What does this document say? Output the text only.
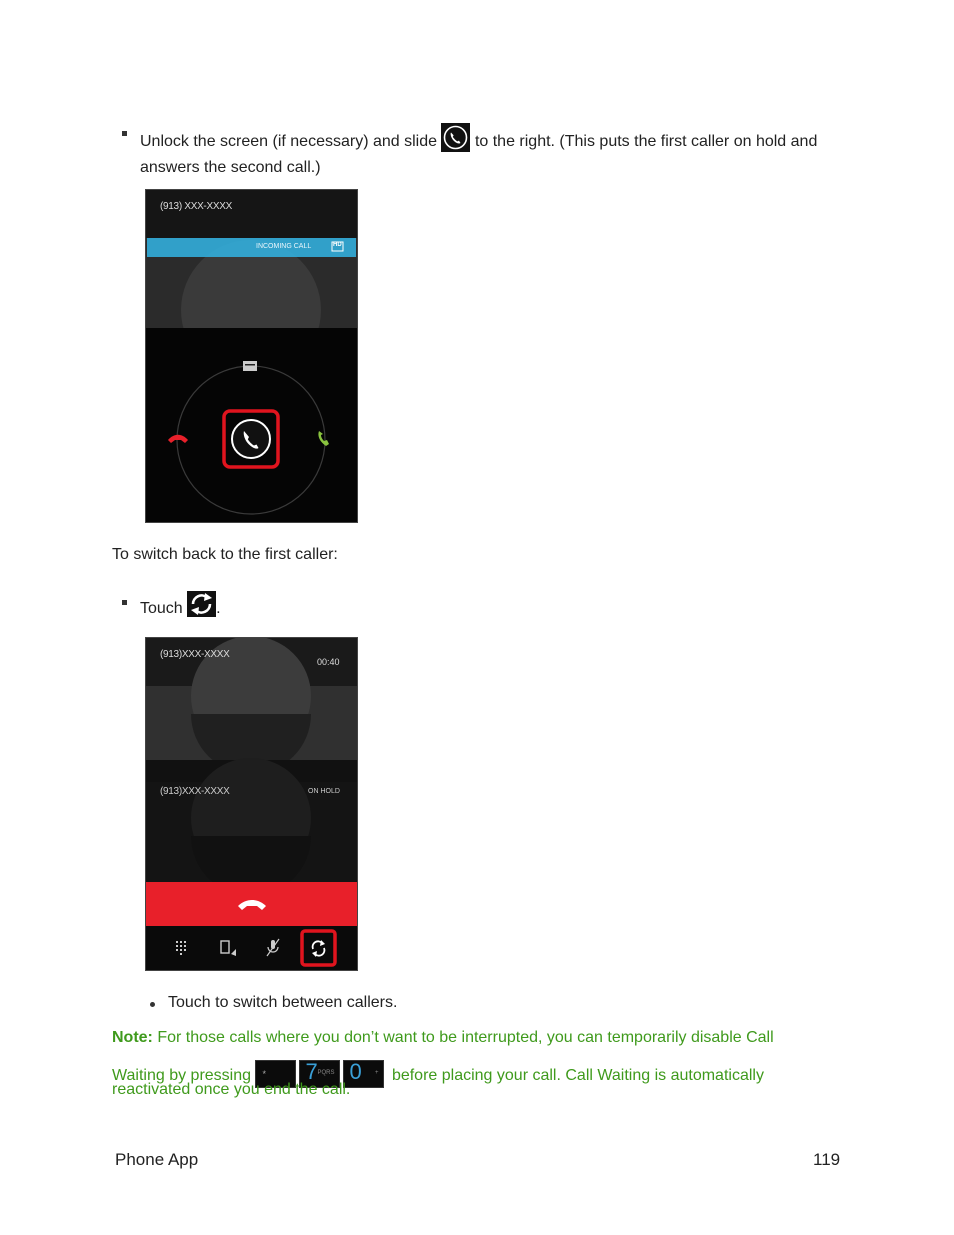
Unlock the screen (if necessary) and slide to the right. (This puts the first caller on hold and
answers the second call.)
(913) XXX-XXXX
INCOMING CALL	HD
To switch back to the first caller:
Touch .
(913)XXX-XXXX
00:40
(913)XXX-XXXX	ON HOLD
Touch to switch between callers.
Note: For those calls where you don’t want to be interrupted, you can temporarily disable Call
Waiting by pressing * 7 PQRS 0 + before placing your call. Call Waiting is automatically
reactivated once you end the call.
Phone App	119
